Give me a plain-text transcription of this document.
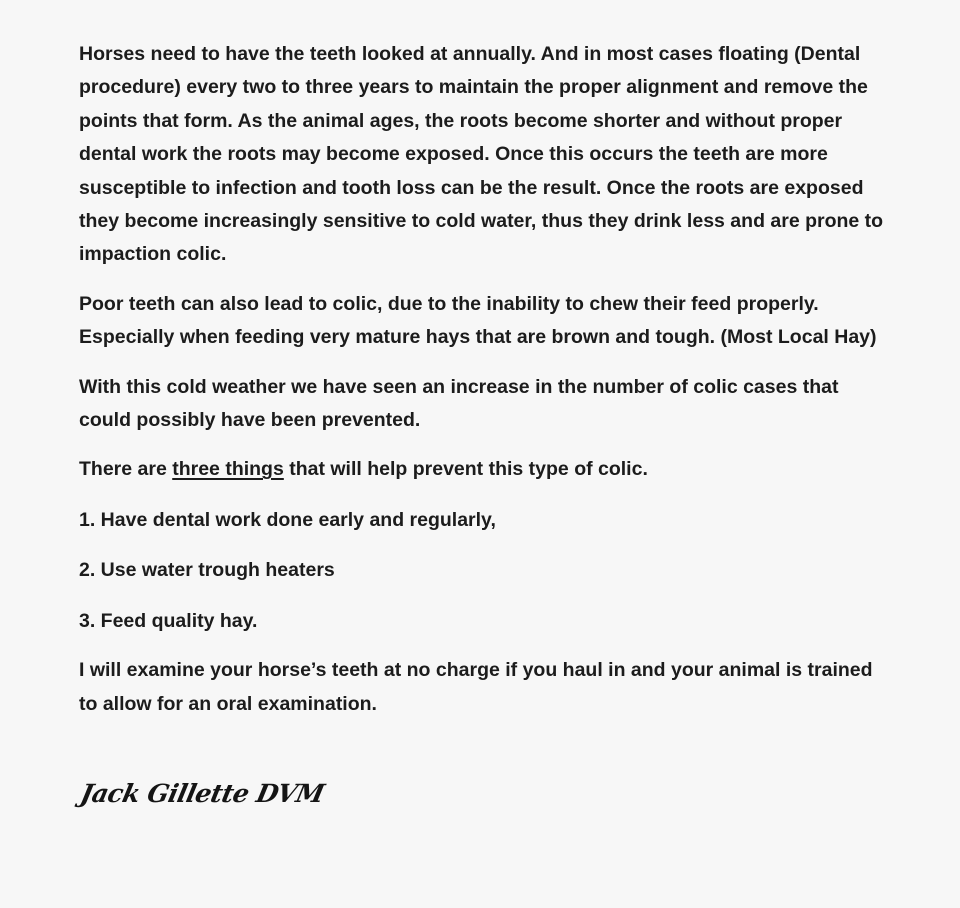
Horses need to have the teeth looked at annually. And in most cases floating (Dental procedure) every two to three years to maintain the proper alignment and remove the points that form. As the animal ages, the roots become shorter and without proper dental work the roots may become exposed. Once this occurs the teeth are more susceptible to infection and tooth loss can be the result. Once the roots are exposed they become increasingly sensitive to cold water, thus they drink less and are prone to impaction colic.

Poor teeth can also lead to colic, due to the inability to chew their feed properly. Especially when feeding very mature hays that are brown and tough. (Most Local Hay)

With this cold weather we have seen an increase in the number of colic cases that could possibly have been prevented.

There are three things that will help prevent this type of colic.

1. Have dental work done early and regularly,

2. Use water trough heaters

3. Feed quality hay.

I will examine your horse’s teeth at no charge if you haul in and your animal is trained to allow for an oral examination.

Jack Gillette DVM
